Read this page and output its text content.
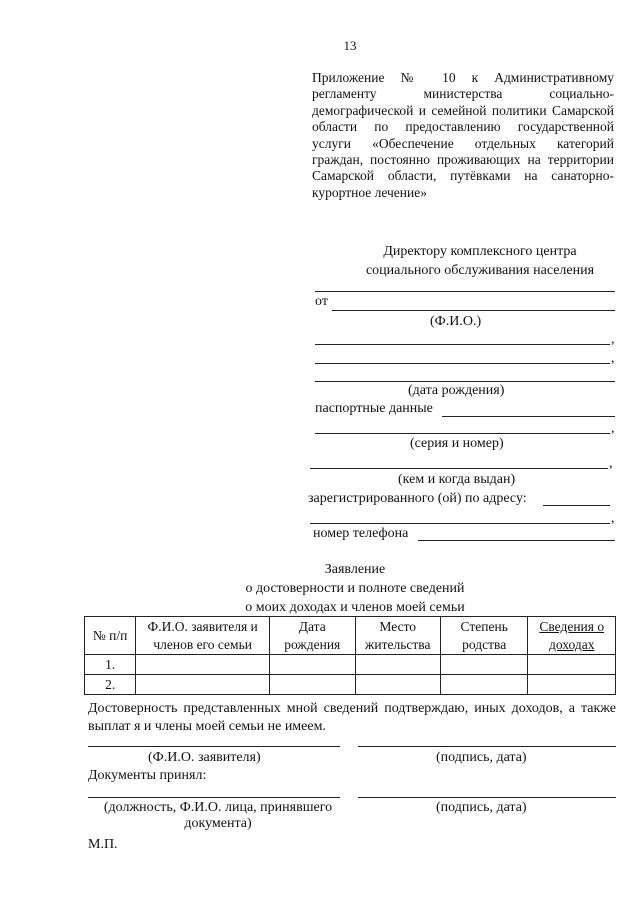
13
Приложение № 10 к Административному регламенту министерства социально-демографической и семейной политики Самарской области по предоставлению государственной услуги «Обеспечение отдельных категорий граждан, постоянно проживающих на территории Самарской области, путёвками на санаторно-курортное лечение»
Директору комплексного центра
социального обслуживания населения
от
(Ф.И.О.)
,
,
(дата рождения)
паспортные данные
,
(серия и номер)
,
(кем и когда выдан)
зарегистрированного (ой) по адресу:
,
номер телефона
Заявление
о достоверности и полноте сведений
о моих доходах и членов моей семьи
№ п/п	Ф.И.О. заявителя и членов его семьи	Дата рождения	Место жительства	Степень родства	Сведения о доходах
1.					
2.					
Достоверность представленных мной сведений подтверждаю, иных доходов, а также выплат я и члены моей семьи не имеем.
(Ф.И.О. заявителя)	(подпись, дата)
Документы принял:
(должность, Ф.И.О. лица, принявшего
документа)
(подпись, дата)
М.П.
